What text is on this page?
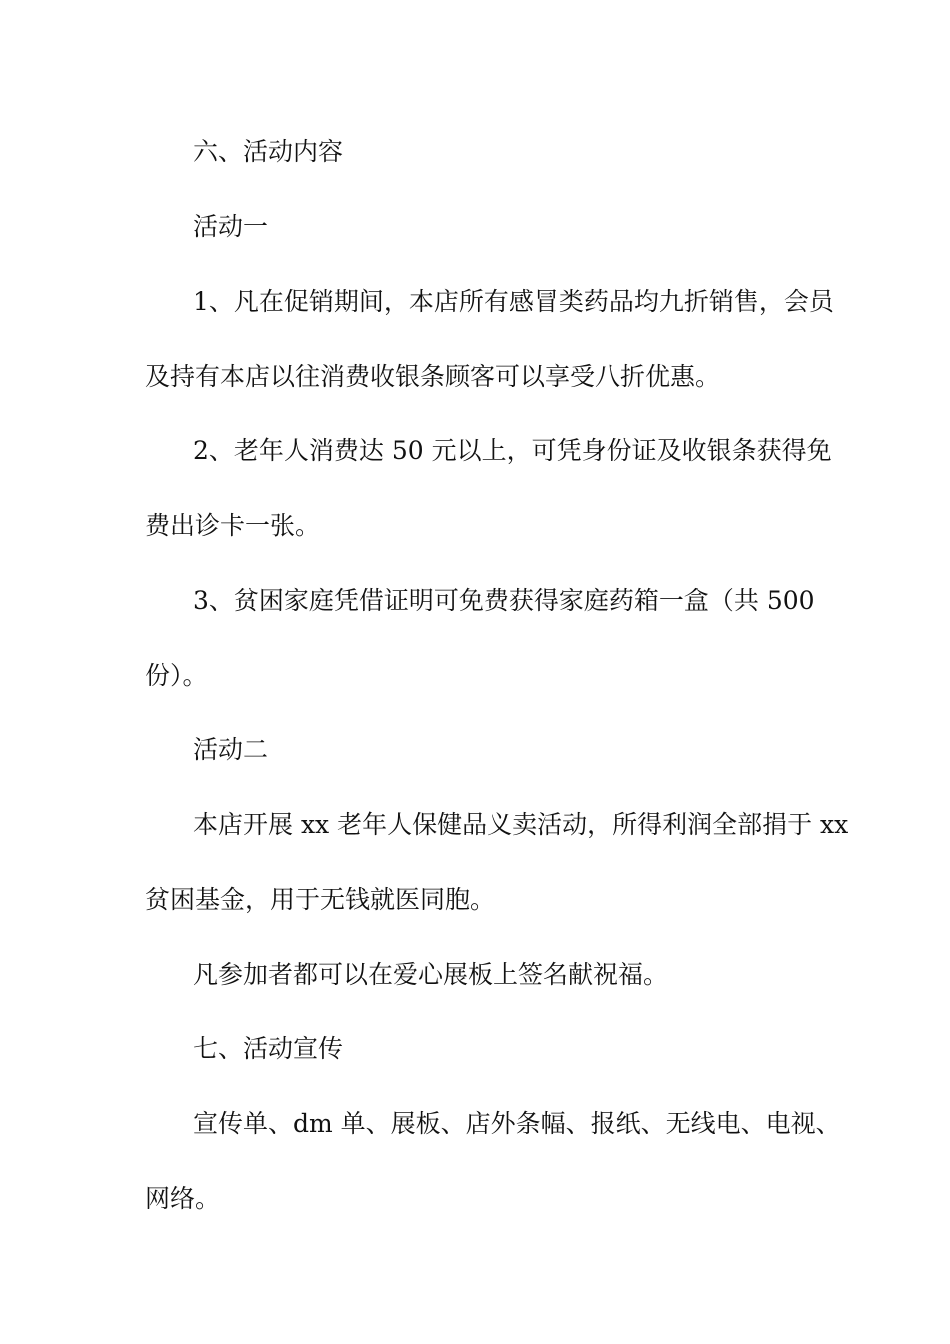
六、活动内容
活动一
1、凡在促销期间，本店所有感冒类药品均九折销售，会员
及持有本店以往消费收银条顾客可以享受八折优惠。
2、老年人消费达 50 元以上，可凭身份证及收银条获得免
费出诊卡一张。
3、贫困家庭凭借证明可免费获得家庭药箱一盒（共 500
份）。
活动二
本店开展 xx 老年人保健品义卖活动，所得利润全部捐于 xx
贫困基金，用于无钱就医同胞。
凡参加者都可以在爱心展板上签名献祝福。
七、活动宣传
宣传单、dm 单、展板、店外条幅、报纸、无线电、电视、
网络。
